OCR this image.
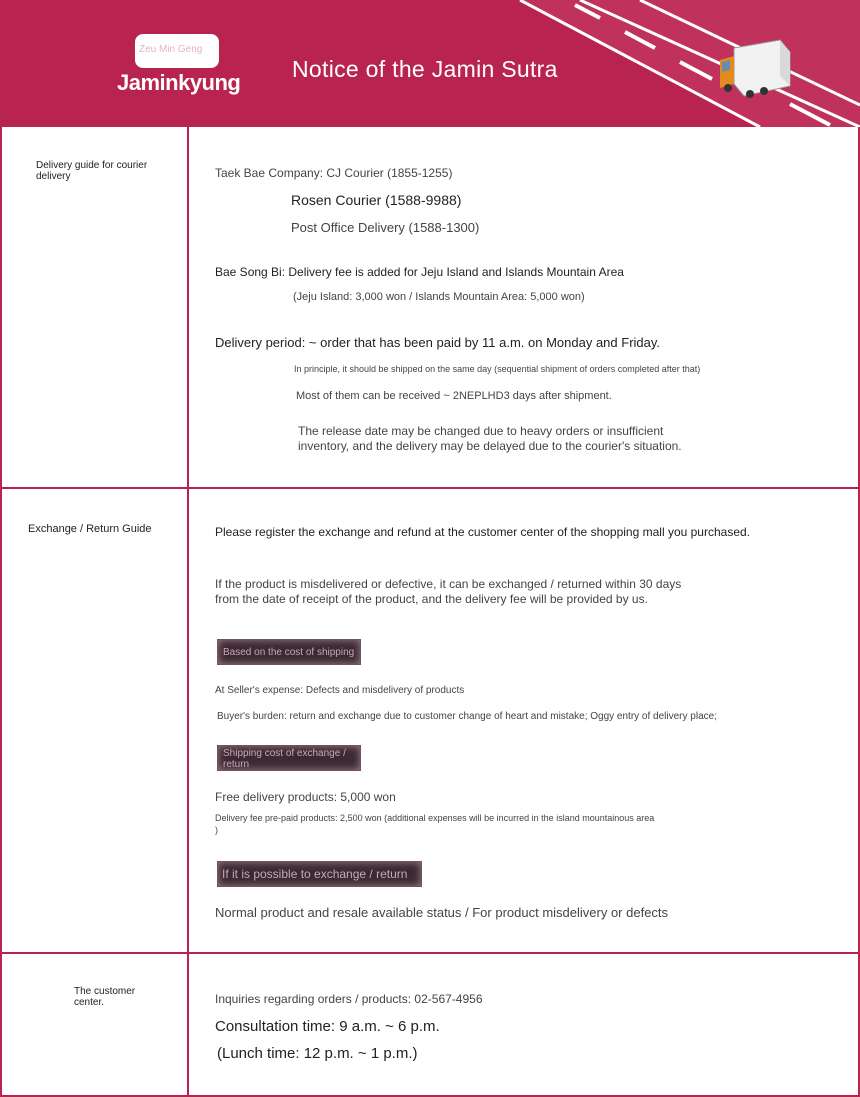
Zeu Min Geng
Jaminkyung
Notice of the Jamin Sutra
Delivery guide for courier delivery	Taek Bae Company: CJ Courier (1855-1255)
Rosen Courier (1588-9988)
Post Office Delivery (1588-1300)
Bae Song Bi: Delivery fee is added for Jeju Island and Islands Mountain Area
(Jeju Island: 3,000 won / Islands Mountain Area: 5,000 won)
Delivery period: ~ order that has been paid by 11 a.m. on Monday and Friday.
In principle, it should be shipped on the same day (sequential shipment of orders completed after that)
Most of them can be received ~ 2NEPLHD3 days after shipment.
The release date may be changed due to heavy orders or insufficient
inventory, and the delivery may be delayed due to the courier's situation.
Exchange / Return Guide	Please register the exchange and refund at the customer center of the shopping mall you purchased.
If the product is misdelivered or defective, it can be exchanged / returned within 30 days
from the date of receipt of the product, and the delivery fee will be provided by us.
Based on the cost of shipping
At Seller's expense: Defects and misdelivery of products
Buyer's burden: return and exchange due to customer change of heart and mistake; Oggy entry of delivery place;
Shipping cost of exchange / return
Free delivery products: 5,000 won
Delivery fee pre-paid products: 2,500 won (additional expenses will be incurred in the island mountainous area
)
If it is possible to exchange / return
Normal product and resale available status / For product misdelivery or defects
The customer center.	Inquiries regarding orders / products: 02-567-4956
Consultation time: 9 a.m. ~ 6 p.m.
(Lunch time: 12 p.m. ~ 1 p.m.)
